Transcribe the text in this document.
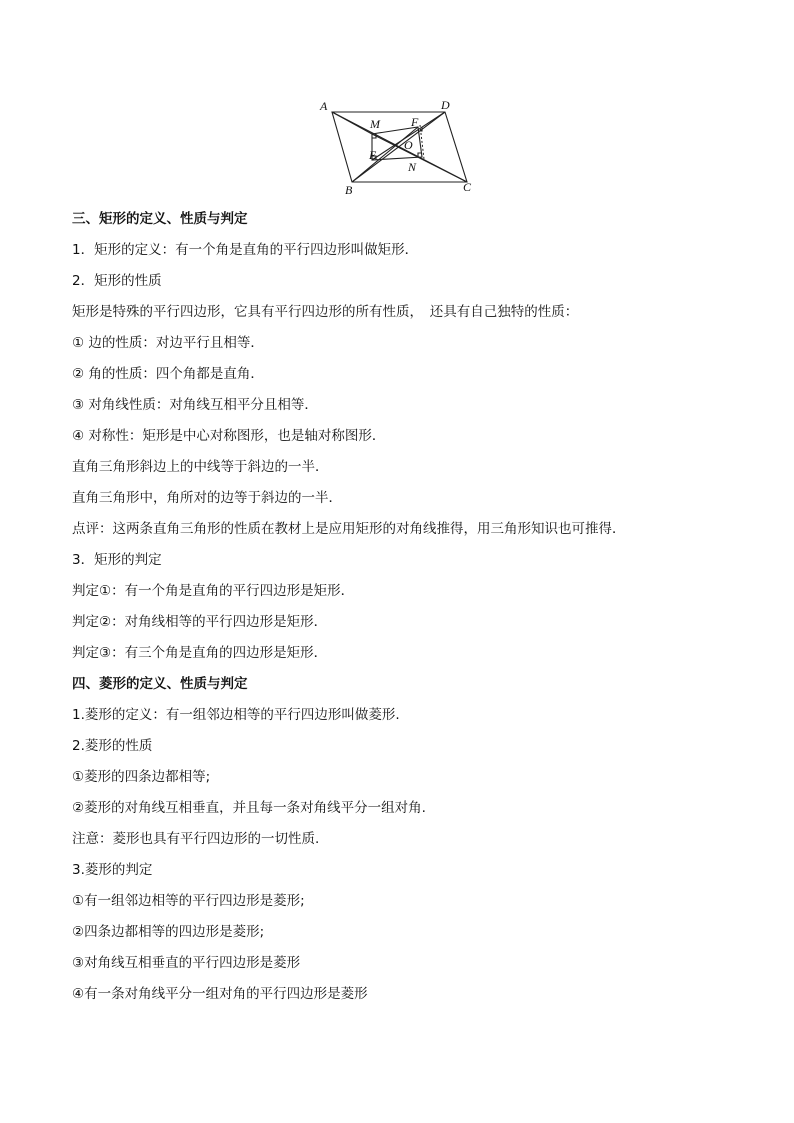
A	D
M	F
O
E
N
B	C
三、矩形的定义、性质与判定
1．矩形的定义：有一个角是直角的平行四边形叫做矩形．
2．矩形的性质
矩形是特殊的平行四边形，它具有平行四边形的所有性质，　还具有自己独特的性质：
① 边的性质：对边平行且相等．
② 角的性质：四个角都是直角．
③ 对角线性质：对角线互相平分且相等．
④ 对称性：矩形是中心对称图形，也是轴对称图形．
直角三角形斜边上的中线等于斜边的一半．
直角三角形中，角所对的边等于斜边的一半．
点评：这两条直角三角形的性质在教材上是应用矩形的对角线推得，用三角形知识也可推得．
3．矩形的判定
判定①：有一个角是直角的平行四边形是矩形．
判定②：对角线相等的平行四边形是矩形．
判定③：有三个角是直角的四边形是矩形．
四、菱形的定义、性质与判定
1.菱形的定义：有一组邻边相等的平行四边形叫做菱形.
2.菱形的性质
①菱形的四条边都相等;
②菱形的对角线互相垂直，并且每一条对角线平分一组对角.
注意：菱形也具有平行四边形的一切性质.
3.菱形的判定
①有一组邻边相等的平行四边形是菱形;
②四条边都相等的四边形是菱形;
③对角线互相垂直的平行四边形是菱形
④有一条对角线平分一组对角的平行四边形是菱形
